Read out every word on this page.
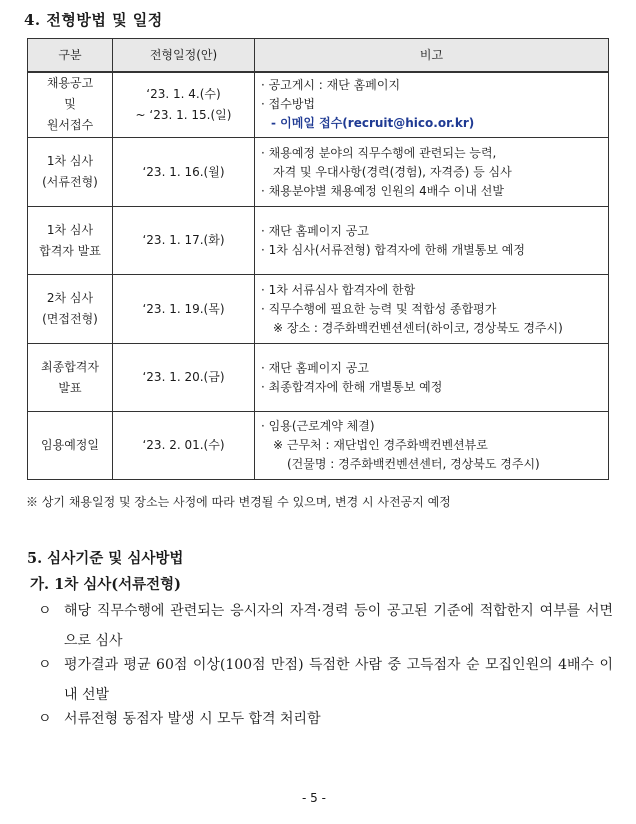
4. 전형방법 및 일정
구분	전형일정(안)	비고

채용공고
및
원서접수	‘23. 1. 4.(수)
~ ‘23. 1. 15.(일)	· 공고게시 : 재단 홈페이지
· 접수방법
- 이메일 접수(recruit@hico.or.kr)

1차 심사
(서류전형)	‘23. 1. 16.(월)	· 채용예정 분야의 직무수행에 관련되는 능력,
자격 및 우대사항(경력(경험), 자격증) 등 심사
· 채용분야별 채용예정 인원의 4배수 이내 선발

1차 심사
합격자 발표	‘23. 1. 17.(화)	· 재단 홈페이지 공고
· 1차 심사(서류전형) 합격자에 한해 개별통보 예정

2차 심사
(면접전형)	‘23. 1. 19.(목)	· 1차 서류심사 합격자에 한함
· 직무수행에 필요한 능력 및 적합성 종합평가
※ 장소 : 경주화백컨벤션센터(하이코, 경상북도 경주시)

최종합격자
발표	‘23. 1. 20.(금)	· 재단 홈페이지 공고
· 최종합격자에 한해 개별통보 예정

임용예정일	‘23. 2. 01.(수)	· 임용(근로계약 체결)
※ 근무처 : 재단법인 경주화백컨벤션뷰로
(건물명 : 경주화백컨벤션센터, 경상북도 경주시)
※ 상기 채용일정 및 장소는 사정에 따라 변경될 수 있으며, 변경 시 사전공지 예정
5. 심사기준 및 심사방법
가. 1차 심사(서류전형)
ㅇ 해당 직무수행에 관련되는 응시자의 자격·경력 등이 공고된 기준에 적합한지 여부를 서면으로 심사
ㅇ 평가결과 평균 60점 이상(100점 만점) 득점한 사람 중 고득점자 순 모집인원의 4배수 이내 선발
ㅇ 서류전형 동점자 발생 시 모두 합격 처리함
- 5 -
